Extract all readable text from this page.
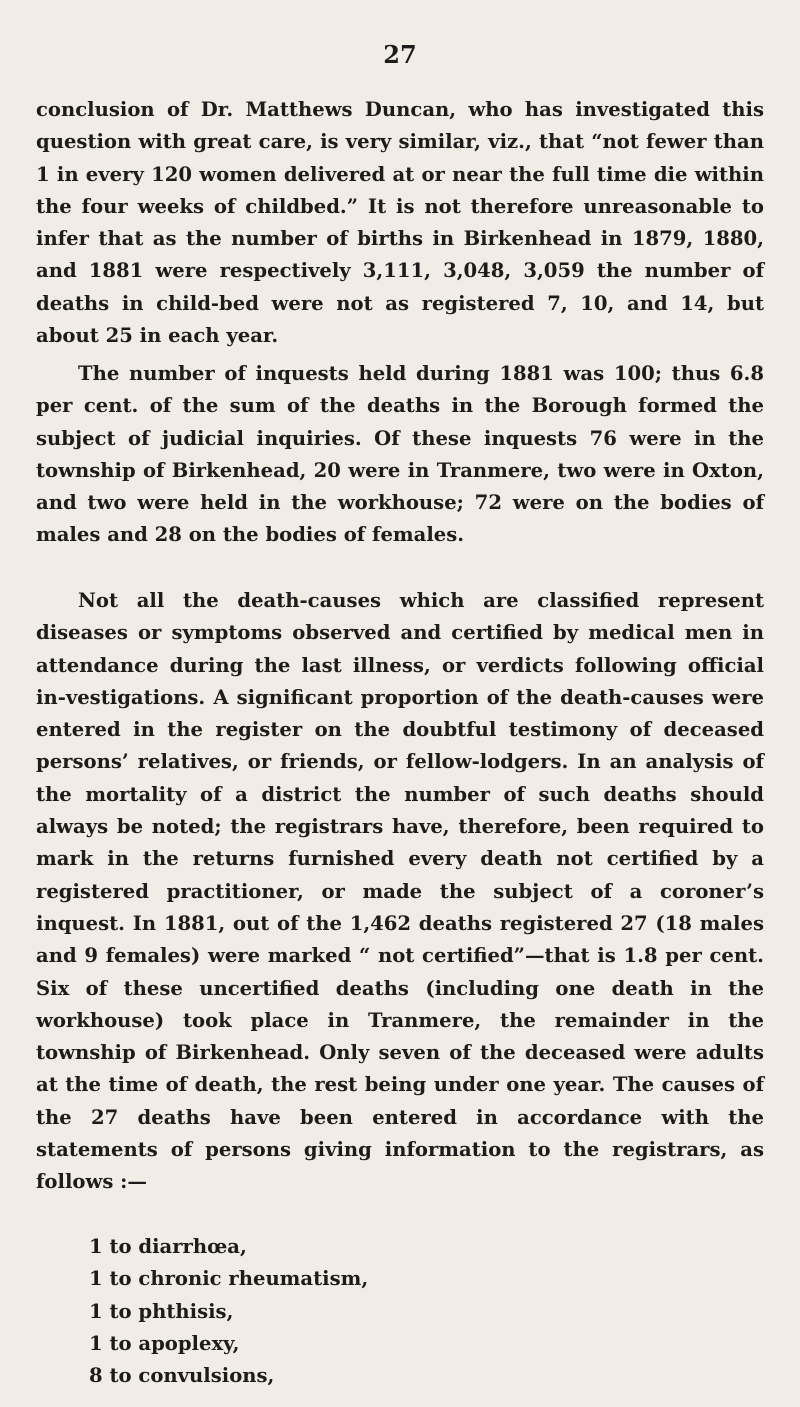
27

conclusion of Dr. Matthews Duncan, who has investigated this question with great care, is very similar, viz., that “not fewer than 1 in every 120 women delivered at or near the full time die within the four weeks of childbed.” It is not therefore unreasonable to infer that as the number of births in Birkenhead in 1879, 1880, and 1881 were respectively 3,111, 3,048, 3,059 the number of deaths in child-bed were not as registered 7, 10, and 14, but about 25 in each year.

The number of inquests held during 1881 was 100; thus 6.8 per cent. of the sum of the deaths in the Borough formed the subject of judicial inquiries. Of these inquests 76 were in the township of Birkenhead, 20 were in Tranmere, two were in Oxton, and two were held in the workhouse; 72 were on the bodies of males and 28 on the bodies of females.

Not all the death-causes which are classified represent diseases or symptoms observed and certified by medical men in attendance during the last illness, or verdicts following official in-vestigations. A significant proportion of the death-causes were entered in the register on the doubtful testimony of deceased persons’ relatives, or friends, or fellow-lodgers. In an analysis of the mortality of a district the number of such deaths should always be noted; the registrars have, therefore, been required to mark in the returns furnished every death not certified by a registered practitioner, or made the subject of a coroner’s inquest. In 1881, out of the 1,462 deaths registered 27 (18 males and 9 females) were marked “ not certified”—that is 1.8 per cent. Six of these uncertified deaths (including one death in the workhouse) took place in Tranmere, the remainder in the township of Birkenhead. Only seven of the deceased were adults at the time of death, the rest being under one year. The causes of the 27 deaths have been entered in accordance with the statements of persons giving information to the registrars, as follows :—

1 to diarrhœa,
1 to chronic rheumatism,
1 to phthisis,
1 to apoplexy,
8 to convulsions,
